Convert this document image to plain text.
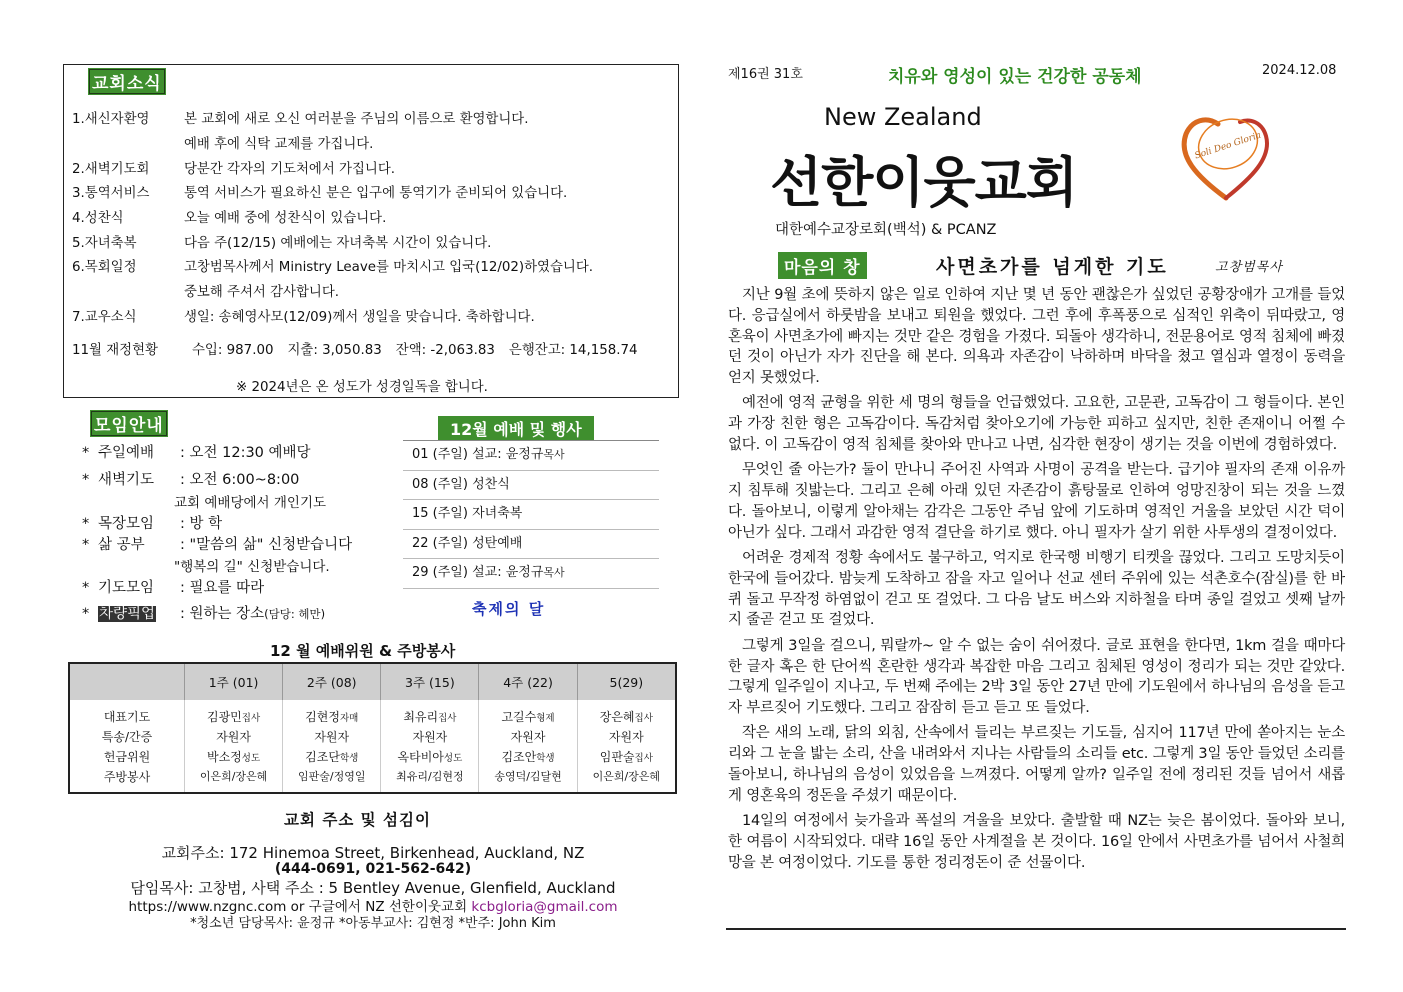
교회소식
1.새신자환영	본 교회에 새로 오신 여러분을 주님의 이름으로 환영합니다.
예배 후에 식탁 교제를 가집니다.
2.새벽기도회	당분간 각자의 기도처에서 가집니다.
3.통역서비스	통역 서비스가 필요하신 분은 입구에 통역기가 준비되어 있습니다.
4.성찬식	오늘 예배 중에 성찬식이 있습니다.
5.자녀축복	다음 주(12/15) 예배에는 자녀축복 시간이 있습니다.
6.목회일정	고창범목사께서 Ministry Leave를 마치시고 입국(12/02)하였습니다.
중보해 주셔서 감사합니다.
7.교우소식	생일: 송혜영사모(12/09)께서 생일을 맞습니다. 축하합니다.
11월 재정현황	수입: 987.00 지출: 3,050.83 잔액: -2,063.83 은행잔고: 14,158.74
※ 2024년은 온 성도가 성경일독을 합니다.
모임안내
* 주일예배 : 오전 12:30 예배당
* 새벽기도 : 오전 6:00~8:00
교회 예배당에서 개인기도
* 목장모임 : 방 학
* 삶 공부 : "말씀의 삶" 신청받습니다
"행복의 길" 신청받습니다.
* 기도모임 : 필요를 따라
* 차량픽업 : 원하는 장소(담당: 헤만)
12월 예배 및 행사
01 (주일) 설교: 윤정규목사
08 (주일) 성찬식
15 (주일) 자녀축복
22 (주일) 성탄예배
29 (주일) 설교: 윤정규목사
축제의 달
12 월 예배위원 & 주방봉사
	1주 (01)	2주 (08)	3주 (15)	4주 (22)	5(29)
대표기도	김광민집사	김현정자매	최유리집사	고길수형제	장은혜집사
특송/간증	자원자	자원자	자원자	자원자	자원자
헌금위원	박소정성도	김조단학생	옥타비아성도	김조안학생	임판술집사
주방봉사	이은희/장은혜	임판술/정영일	최유리/김현정	송영덕/김달현	이은희/장은혜
교회 주소 및 섬김이
교회주소: 172 Hinemoa Street, Birkenhead, Auckland, NZ
(444-0691, 021-562-642)
담임목사: 고창범, 사택 주소 : 5 Bentley Avenue, Glenfield, Auckland
https://www.nzgnc.com or 구글에서 NZ 선한이웃교회 kcbgloria@gmail.com
*청소년 담당목사: 윤정규 *아동부교사: 김현정 *반주: John Kim
제16권 31호	치유와 영성이 있는 건강한 공동체	2024.12.08
New Zealand
선한이웃교회
Soli Deo Gloria
대한예수교장로회(백석) & PCANZ
마음의 창	사면초가를 넘게한 기도	고창범목사

지난 9월 초에 뜻하지 않은 일로 인하여 지난 몇 년 동안 괜찮은가 싶었던 공황장애가 고개를 들었다. 응급실에서 하룻밤을 보내고 퇴원을 했었다. 그런 후에 후폭풍으로 심적인 위축이 뒤따랐고, 영혼육이 사면초가에 빠지는 것만 같은 경험을 가졌다. 되돌아 생각하니, 전문용어로 영적 침체에 빠졌던 것이 아닌가 자가 진단을 해 본다. 의욕과 자존감이 낙하하며 바닥을 쳤고 열심과 열정이 동력을 얻지 못했었다.

예전에 영적 균형을 위한 세 명의 형들을 언급했었다. 고요한, 고문관, 고독감이 그 형들이다. 본인과 가장 친한 형은 고독감이다. 독감처럼 찾아오기에 가능한 피하고 싶지만, 친한 존재이니 어쩔 수 없다. 이 고독감이 영적 침체를 찾아와 만나고 나면, 심각한 현장이 생기는 것을 이번에 경험하였다.

무엇인 줄 아는가? 둘이 만나니 주어진 사역과 사명이 공격을 받는다. 급기야 필자의 존재 이유까지 침투해 짓밟는다. 그리고 은혜 아래 있던 자존감이 흙탕물로 인하여 엉망진창이 되는 것을 느꼈다. 돌아보니, 이렇게 알아채는 감각은 그동안 주님 앞에 기도하며 영적인 거울을 보았던 시간 덕이 아닌가 싶다. 그래서 과감한 영적 결단을 하기로 했다. 아니 필자가 살기 위한 사투생의 결정이었다.

어려운 경제적 정황 속에서도 불구하고, 억지로 한국행 비행기 티켓을 끊었다. 그리고 도망치듯이 한국에 들어갔다. 밤늦게 도착하고 잠을 자고 일어나 선교 센터 주위에 있는 석촌호수(잠실)를 한 바퀴 돌고 무작정 하염없이 걷고 또 걸었다. 그 다음 날도 버스와 지하철을 타며 종일 걸었고 셋째 날까지 줄곧 걷고 또 걸었다.

그렇게 3일을 걸으니, 뭐랄까~ 알 수 없는 숨이 쉬어졌다. 글로 표현을 한다면, 1km 걸을 때마다 한 글자 혹은 한 단어씩 혼란한 생각과 복잡한 마음 그리고 침체된 영성이 정리가 되는 것만 같았다. 그렇게 일주일이 지나고, 두 번째 주에는 2박 3일 동안 27년 만에 기도원에서 하나님의 음성을 듣고자 부르짖어 기도했다. 그리고 잠잠히 듣고 듣고 또 들었다.

작은 새의 노래, 닭의 외침, 산속에서 들리는 부르짖는 기도들, 심지어 117년 만에 쏟아지는 눈소리와 그 눈을 밟는 소리, 산을 내려와서 지나는 사람들의 소리들 etc. 그렇게 3일 동안 들었던 소리를 돌아보니, 하나님의 음성이 있었음을 느껴졌다. 어떻게 알까? 일주일 전에 정리된 것들 넘어서 새롭게 영혼육의 정돈을 주셨기 때문이다.

14일의 여정에서 늦가을과 폭설의 겨울을 보았다. 출발할 때 NZ는 늦은 봄이었다. 돌아와 보니, 한 여름이 시작되었다. 대략 16일 동안 사계절을 본 것이다. 16일 안에서 사면초가를 넘어서 사철희망을 본 여정이었다. 기도를 통한 정리정돈이 준 선물이다.
